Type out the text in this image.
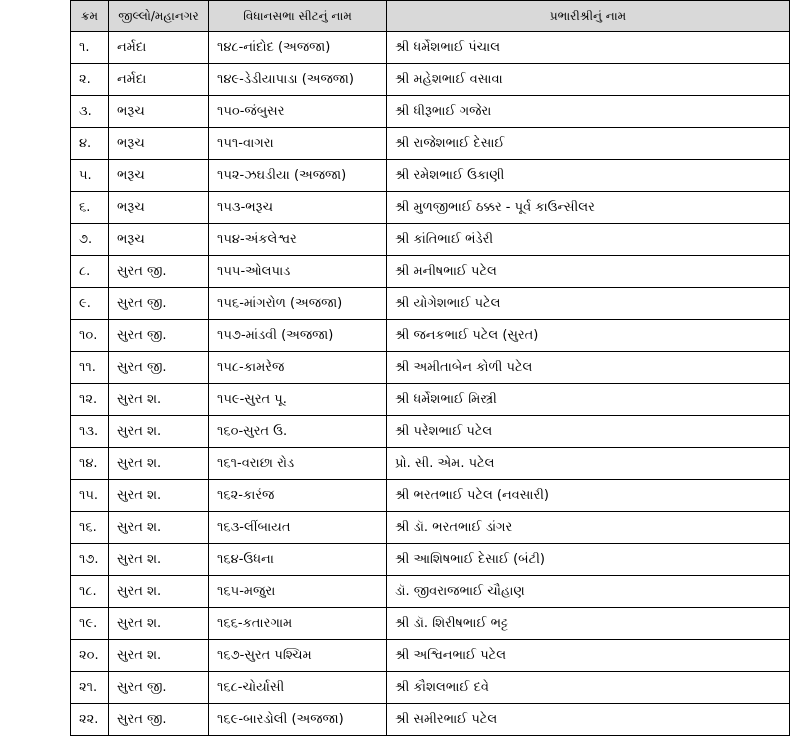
ક્રમ	જીલ્લો/મહાનગર	વિધાનસભા સીટનું નામ	પ્રભારીશ્રીનું નામ
૧.	નર્મદા	૧૪૮-નાંદોદ (અજજા)	શ્રી ધર્મેશભાઈ પંચાલ
૨.	નર્મદા	૧૪૯-ડેડીયાપાડા (અજજા)	શ્રી મહેશભાઈ વસાવા
૩.	ભરૂચ	૧૫૦-જંબુસર	શ્રી ધીરૂભાઈ ગજેરા
૪.	ભરૂચ	૧૫૧-વાગરા	શ્રી રાજેશભાઈ દેસાઈ
૫.	ભરૂચ	૧૫૨-ઝઘડીયા (અજજા)	શ્રી રમેશભાઈ ઉકાણી
૬.	ભરૂચ	૧૫૩-ભરૂચ	શ્રી મુળજીભાઈ ઠક્કર - પૂર્વ કાઉન્સીલર
૭.	ભરૂચ	૧૫૪-અંકલેશ્વર	શ્રી કાંતિભાઈ ભંડેરી
૮.	સુરત જી.	૧૫૫-ઓલપાડ	શ્રી મનીષભાઈ પટેલ
૯.	સુરત જી.	૧૫૬-માંગરોળ (અજજા)	શ્રી યોગેશભાઈ પટેલ
૧૦.	સુરત જી.	૧૫૭-માંડવી (અજજા)	શ્રી જનકભાઈ પટેલ (સુરત)
૧૧.	સુરત જી.	૧૫૮-કામરેજ	શ્રી અમીતાબેન કોળી પટેલ
૧૨.	સુરત શ.	૧૫૯-સુરત પૂ.	શ્રી ધર્મેશભાઈ મિસ્ત્રી
૧૩.	સુરત શ.	૧૬૦-સુરત ઉ.	શ્રી પરેશભાઈ પટેલ
૧૪.	સુરત શ.	૧૬૧-વરાછા રોડ	પ્રો. સી. એમ. પટેલ
૧૫.	સુરત શ.	૧૬૨-કારંજ	શ્રી ભરતભાઈ પટેલ (નવસારી)
૧૬.	સુરત શ.	૧૬૩-લીંબાયત	શ્રી ડૉ. ભરતભાઈ ડાંગર
૧૭.	સુરત શ.	૧૬૪-ઉધના	શ્રી આશિષભાઈ દેસાઈ (બંટી)
૧૮.	સુરત શ.	૧૬૫-મજુરા	ડૉ. જીવરાજભાઈ ચૌહાણ
૧૯.	સુરત શ.	૧૬૬-કતારગામ	શ્રી ડૉ. શિરીષભાઈ ભટ્ટ
૨૦.	સુરત શ.	૧૬૭-સુરત પશ્ચિમ	શ્રી અશ્વિનભાઈ પટેલ
૨૧.	સુરત જી.	૧૬૮-ચોર્યાસી	શ્રી કૌશલભાઈ દવે
૨૨.	સુરત જી.	૧૬૯-બારડોલી (અજજા)	શ્રી સમીરભાઈ પટેલ
